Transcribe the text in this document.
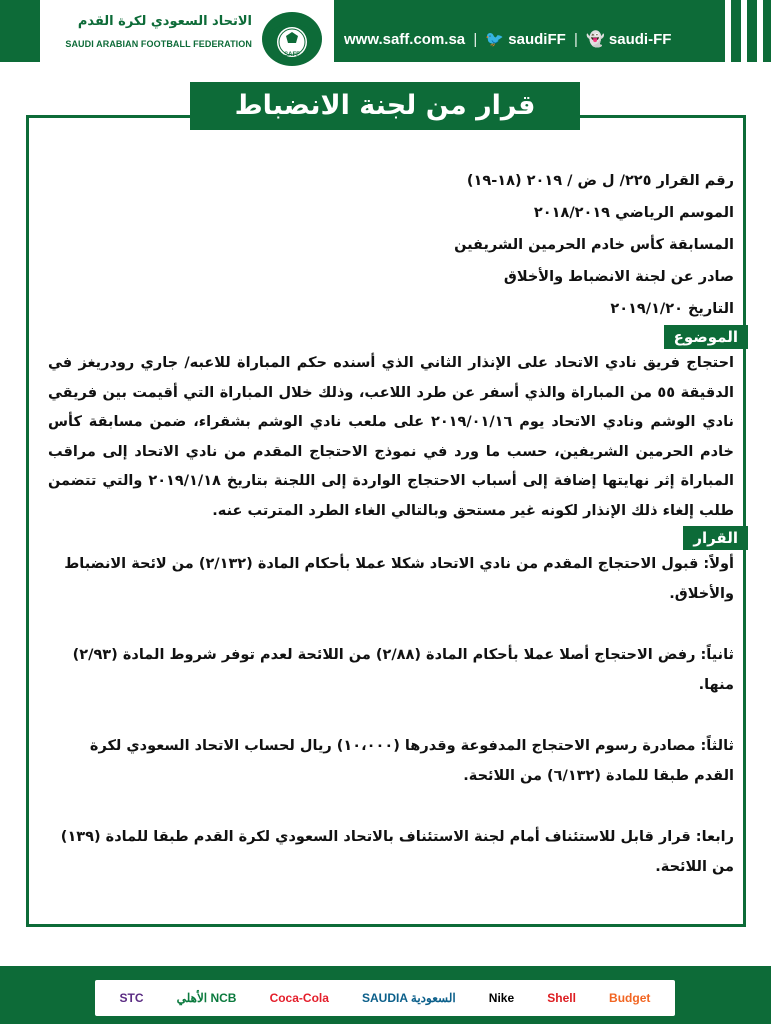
www.saff.com.sa | 🐦 saudiFF | 👻 saudi-FF
الاتحاد السعودي لكرة القدم
SAUDI ARABIAN FOOTBALL FEDERATION
SAFF
قرار من لجنة الانضباط والأخلاق

رقم القرار ٢٢٥/ ل ض / ٢٠١٩ (١٨-١٩)

الموسم الرياضي ٢٠١٨/٢٠١٩

المسابقة كأس خادم الحرمين الشريفين

صادر عن لجنة الانضباط والأخلاق

التاريخ ٢٠١٩/١/٢٠

الموضوع

احتجاج فريق نادي الاتحاد على الإنذار الثاني الذي أسنده حكم المباراة للاعبه/ جاري رودريغز في الدقيقة ٥٥ من المباراة والذي أسفر عن طرد اللاعب، وذلك خلال المباراة التي أقيمت بين فريقي نادي الوشم ونادي الاتحاد يوم ٢٠١٩/٠١/١٦ على ملعب نادي الوشم بشقراء، ضمن مسابقة كأس خادم الحرمين الشريفين، حسب ما ورد في نموذج الاحتجاج المقدم من نادي الاتحاد إلى مراقب المباراة إثر نهايتها إضافة إلى أسباب الاحتجاج الواردة إلى اللجنة بتاريخ ٢٠١٩/١/١٨ والتي تتضمن طلب إلغاء ذلك الإنذار لكونه غير مستحق وبالتالي الغاء الطرد المترتب عنه.

القرار

أولاً: قبول الاحتجاج المقدم من نادي الاتحاد شكلا عملا بأحكام المادة (٢/١٣٢) من لائحة الانضباط والأخلاق.

ثانياً: رفض الاحتجاج أصلا عملا بأحكام المادة (٢/٨٨) من اللائحة لعدم توفر شروط المادة (٢/٩٣) منها.

ثالثاً: مصادرة رسوم الاحتجاج المدفوعة وقدرها (١٠،٠٠٠) ريال لحساب الاتحاد السعودي لكرة القدم طبقا للمادة (٦/١٣٢) من اللائحة.

رابعا: قرار قابل للاستئناف أمام لجنة الاستئناف بالاتحاد السعودي لكرة القدم طبقا للمادة (١٣٩) من اللائحة.

STC	الأهلي NCB	Coca-Cola	SAUDIA السعودية	Nike	Shell	Budget
